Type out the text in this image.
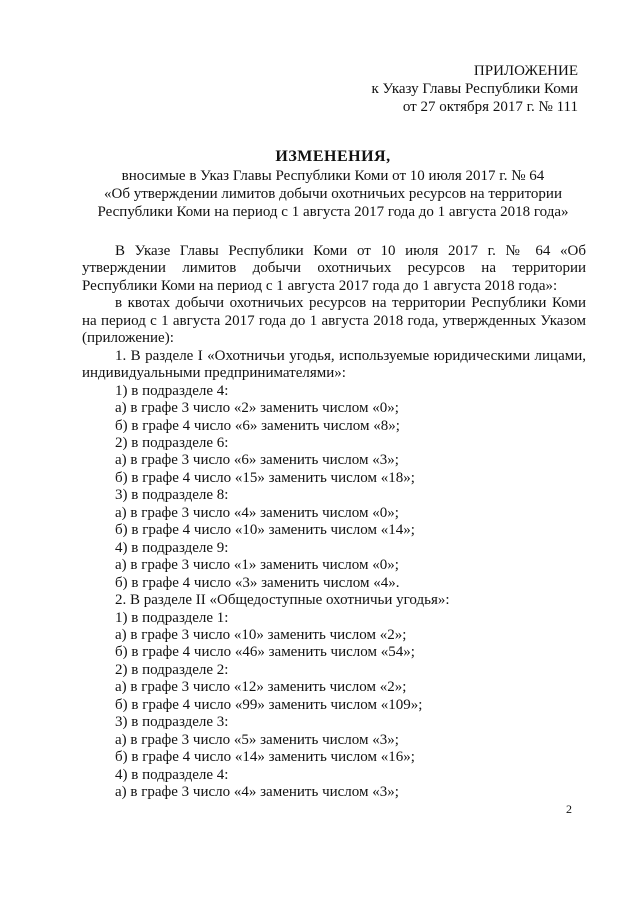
ПРИЛОЖЕНИЕ
к Указу Главы Республики Коми
от 27 октября 2017 г. № 111
ИЗМЕНЕНИЯ,
вносимые в Указ Главы Республики Коми от 10 июля 2017 г. № 64
«Об утверждении лимитов добычи охотничьих ресурсов на территории
Республики Коми на период с 1 августа 2017 года до 1 августа 2018 года»

В Указе Главы Республики Коми от 10 июля 2017 г. № 64 «Об утверждении лимитов добычи охотничьих ресурсов на территории Республики Коми на период с 1 августа 2017 года до 1 августа 2018 года»:

в квотах добычи охотничьих ресурсов на территории Республики Коми на период с 1 августа 2017 года до 1 августа 2018 года, утвержденных Указом (приложение):

1. В разделе I «Охотничьи угодья, используемые юридическими лицами, индивидуальными предпринимателями»:

1) в подразделе 4:

а) в графе 3 число «2» заменить числом «0»;

б) в графе 4 число «6» заменить числом «8»;

2) в подразделе 6:

а) в графе 3 число «6» заменить числом «3»;

б) в графе 4 число «15» заменить числом «18»;

3) в подразделе 8:

а) в графе 3 число «4» заменить числом «0»;

б) в графе 4 число «10» заменить числом «14»;

4) в подразделе 9:

а) в графе 3 число «1» заменить числом «0»;

б) в графе 4 число «3» заменить числом «4».

2. В разделе II «Общедоступные охотничьи угодья»:

1) в подразделе 1:

а) в графе 3 число «10» заменить числом «2»;

б) в графе 4 число «46» заменить числом «54»;

2) в подразделе 2:

а) в графе 3 число «12» заменить числом «2»;

б) в графе 4 число «99» заменить числом «109»;

3) в подразделе 3:

а) в графе 3 число «5» заменить числом «3»;

б) в графе 4 число «14» заменить числом «16»;

4) в подразделе 4:

а) в графе 3 число «4» заменить числом «3»;

2
